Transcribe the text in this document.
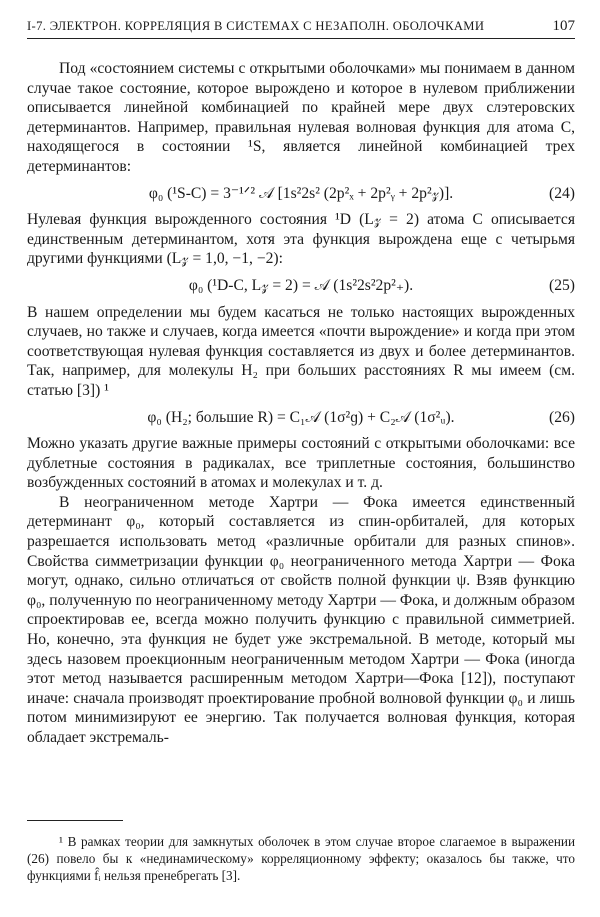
I-7. ЭЛЕКТРОН. КОРРЕЛЯЦИЯ В СИСТЕМАХ С НЕЗАПОЛН. ОБОЛОЧКАМИ	107

Под «состоянием системы с открытыми оболочками» мы понимаем в данном случае такое состояние, которое вырождено и которое в нулевом приближении описывается линейной комбинацией по крайней мере двух слэтеровских детерминантов. Например, правильная нулевая волновая функция для атома C, находящегося в состоянии ¹S, является линейной комбинацией трех детерминантов:

φ₀ (¹S-C) = 3⁻¹ᐟ² 𝒜 [1s²2s² (2p²ₓ + 2p²ᵧ + 2p²𝓏)].	(24)

Нулевая функция вырожденного состояния ¹D (L𝓏 = 2) атома C описывается единственным детерминантом, хотя эта функция вырождена еще с четырьмя другими функциями (L𝓏 = 1,0, −1, −2):

φ₀ (¹D-C, L𝓏 = 2) = 𝒜 (1s²2s²2p²₊).	(25)

В нашем определении мы будем касаться не только настоящих вырожденных случаев, но также и случаев, когда имеется «почти вырождение» и когда при этом соответствующая нулевая функция составляется из двух и более детерминантов. Так, например, для молекулы H₂ при больших расстояниях R мы имеем (см. статью [3]) ¹

φ₀ (H₂; большие R) = C₁𝒜 (1σ²ɡ) + C₂𝒜 (1σ²ᵤ).	(26)

Можно указать другие важные примеры состояний с открытыми оболочками: все дублетные состояния в радикалах, все триплетные состояния, большинство возбужденных состояний в атомах и молекулах и т. д.

В неограниченном методе Хартри — Фока имеется единственный детерминант φ₀, который составляется из спин-орбиталей, для которых разрешается использовать метод «различные орбитали для разных спинов». Свойства симметризации функции φ₀ неограниченного метода Хартри — Фока могут, однако, сильно отличаться от свойств полной функции ψ. Взяв функцию φ₀, полученную по неограниченному методу Хартри — Фока, и должным образом спроектировав ее, всегда можно получить функцию с правильной симметрией. Но, конечно, эта функция не будет уже экстремальной. В методе, который мы здесь назовем проекционным неограниченным методом Хартри — Фока (иногда этот метод называется расширенным методом Хартри—Фока [12]), поступают иначе: сначала производят проектирование пробной волновой функции φ₀ и лишь потом минимизируют ее энергию. Так получается волновая функция, которая обладает экстремаль-

¹ В рамках теории для замкнутых оболочек в этом случае второе слагаемое в выражении (26) повело бы к «нединамическому» корреляционному эффекту; оказалось бы также, что функциями f̂ᵢ нельзя пренебрегать [3].
